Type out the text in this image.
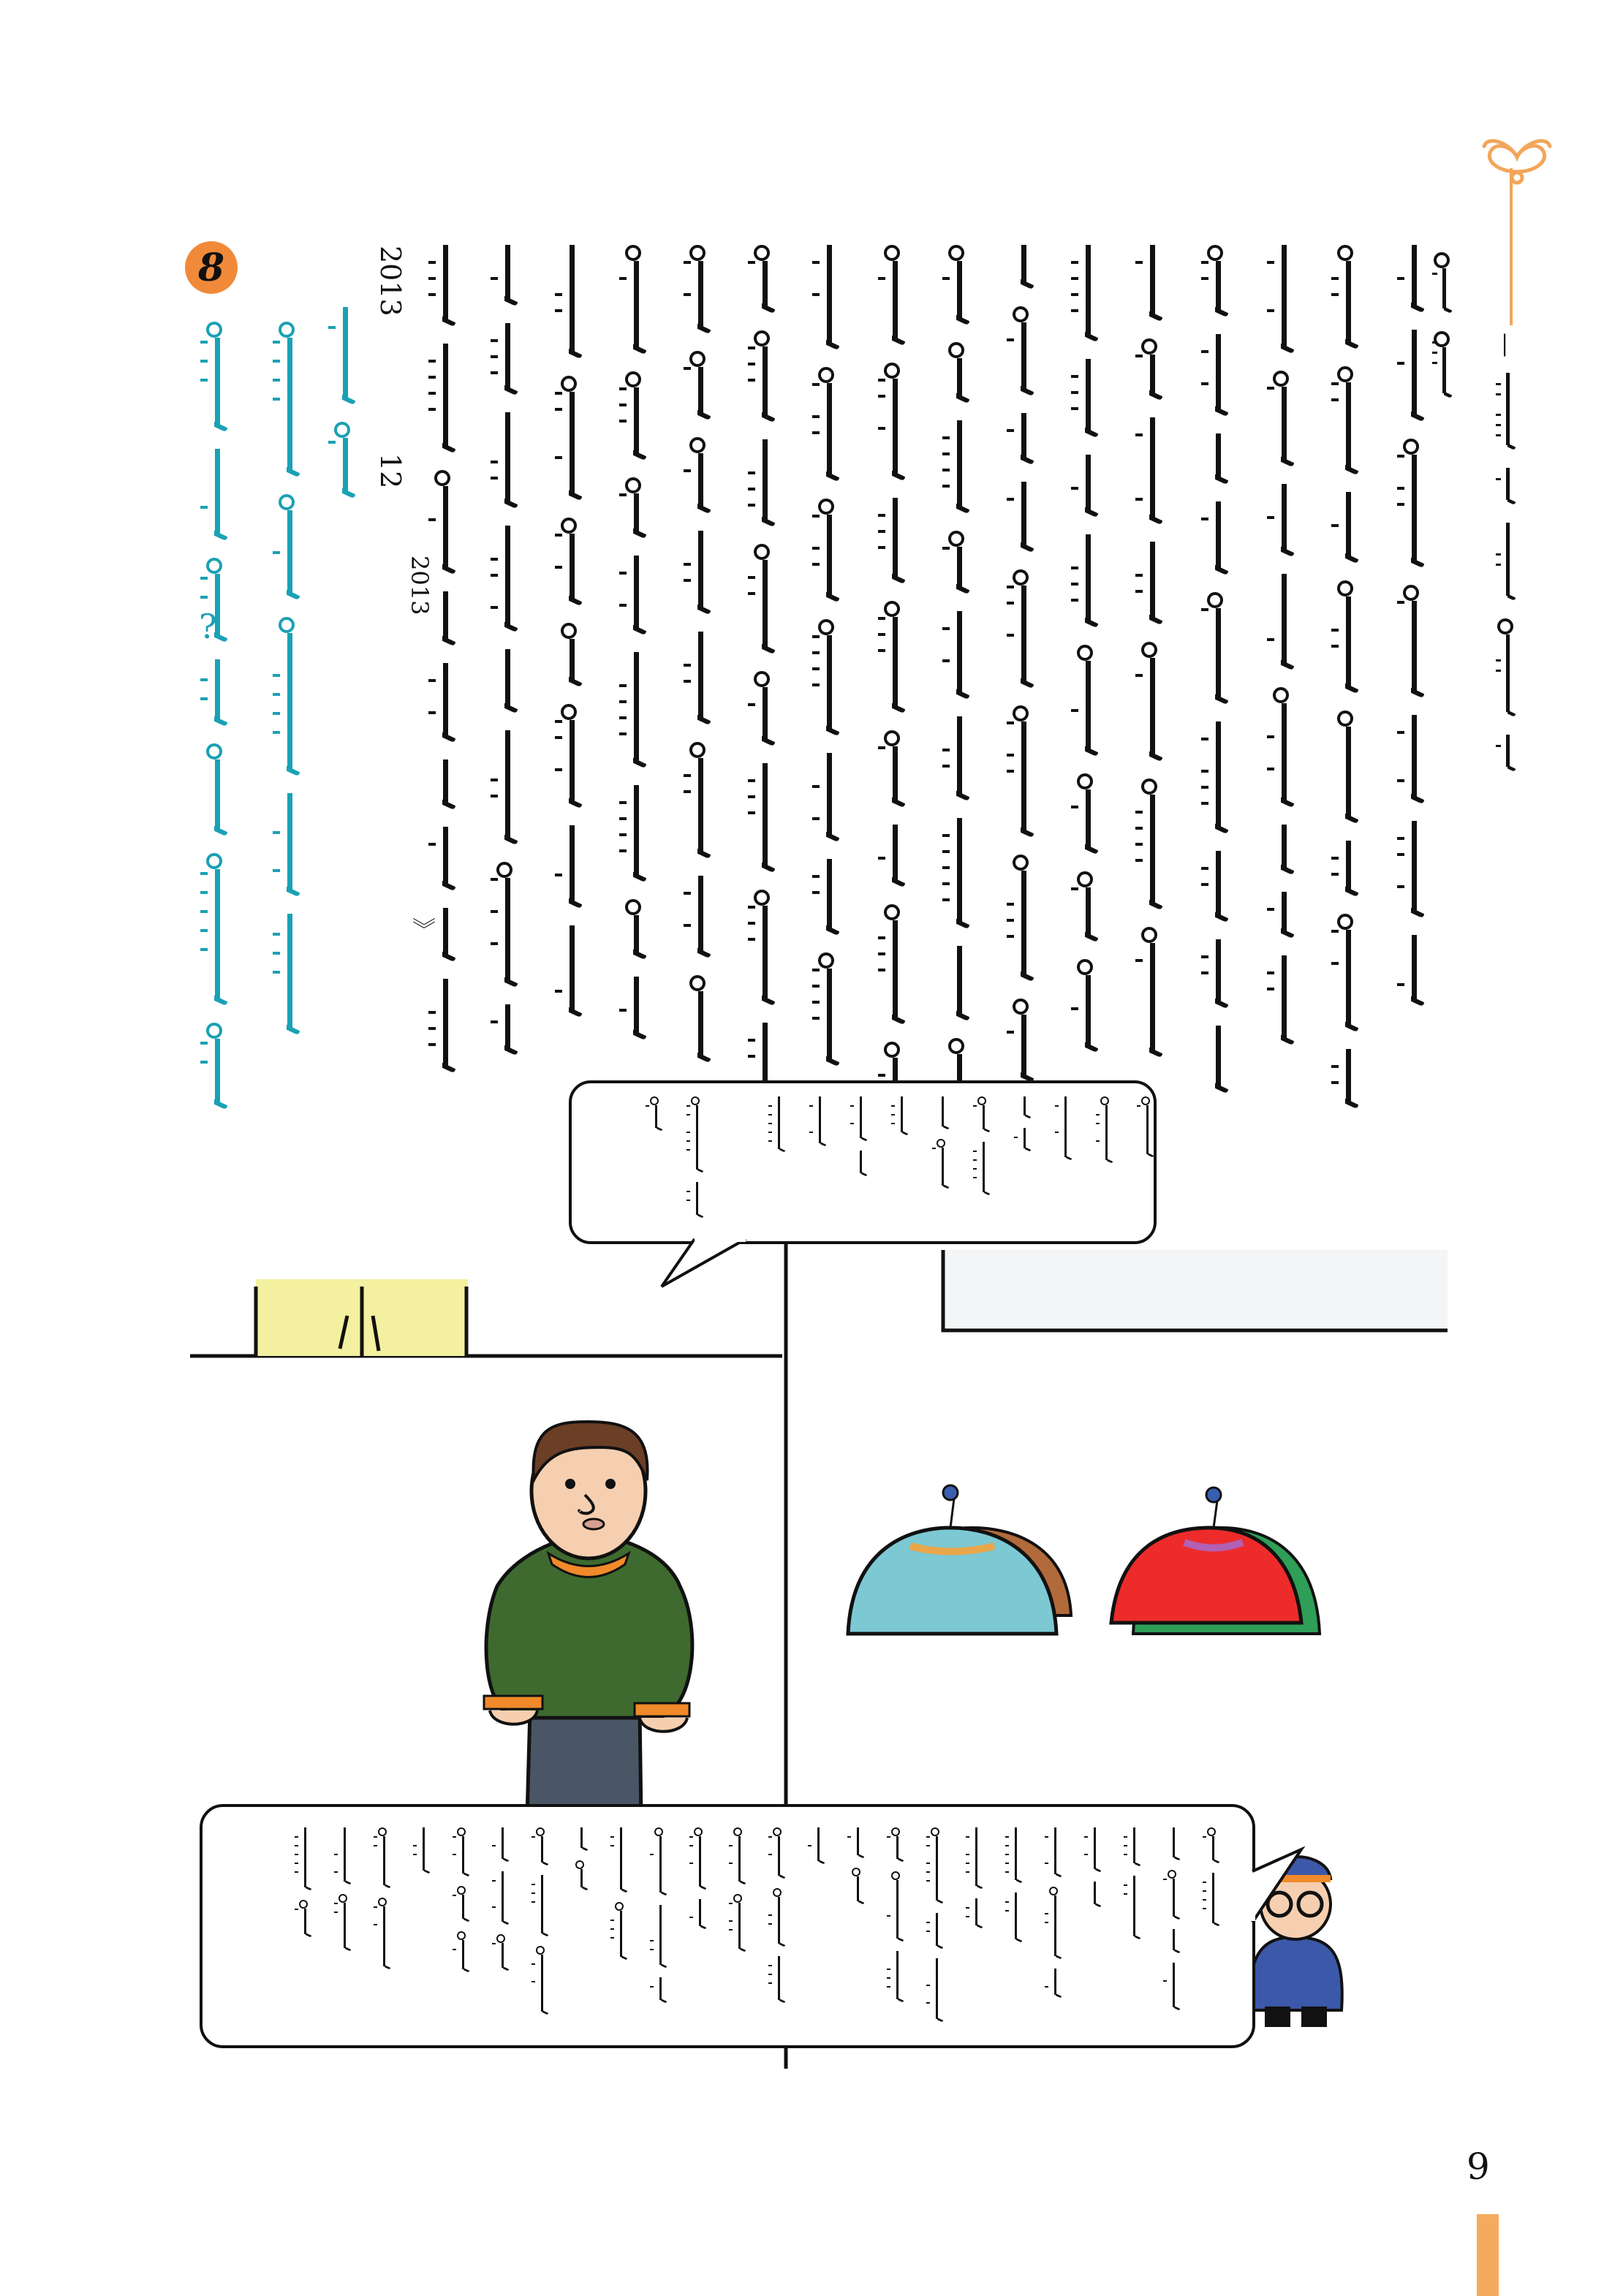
—
?
8	2013
12
》
2013
9
